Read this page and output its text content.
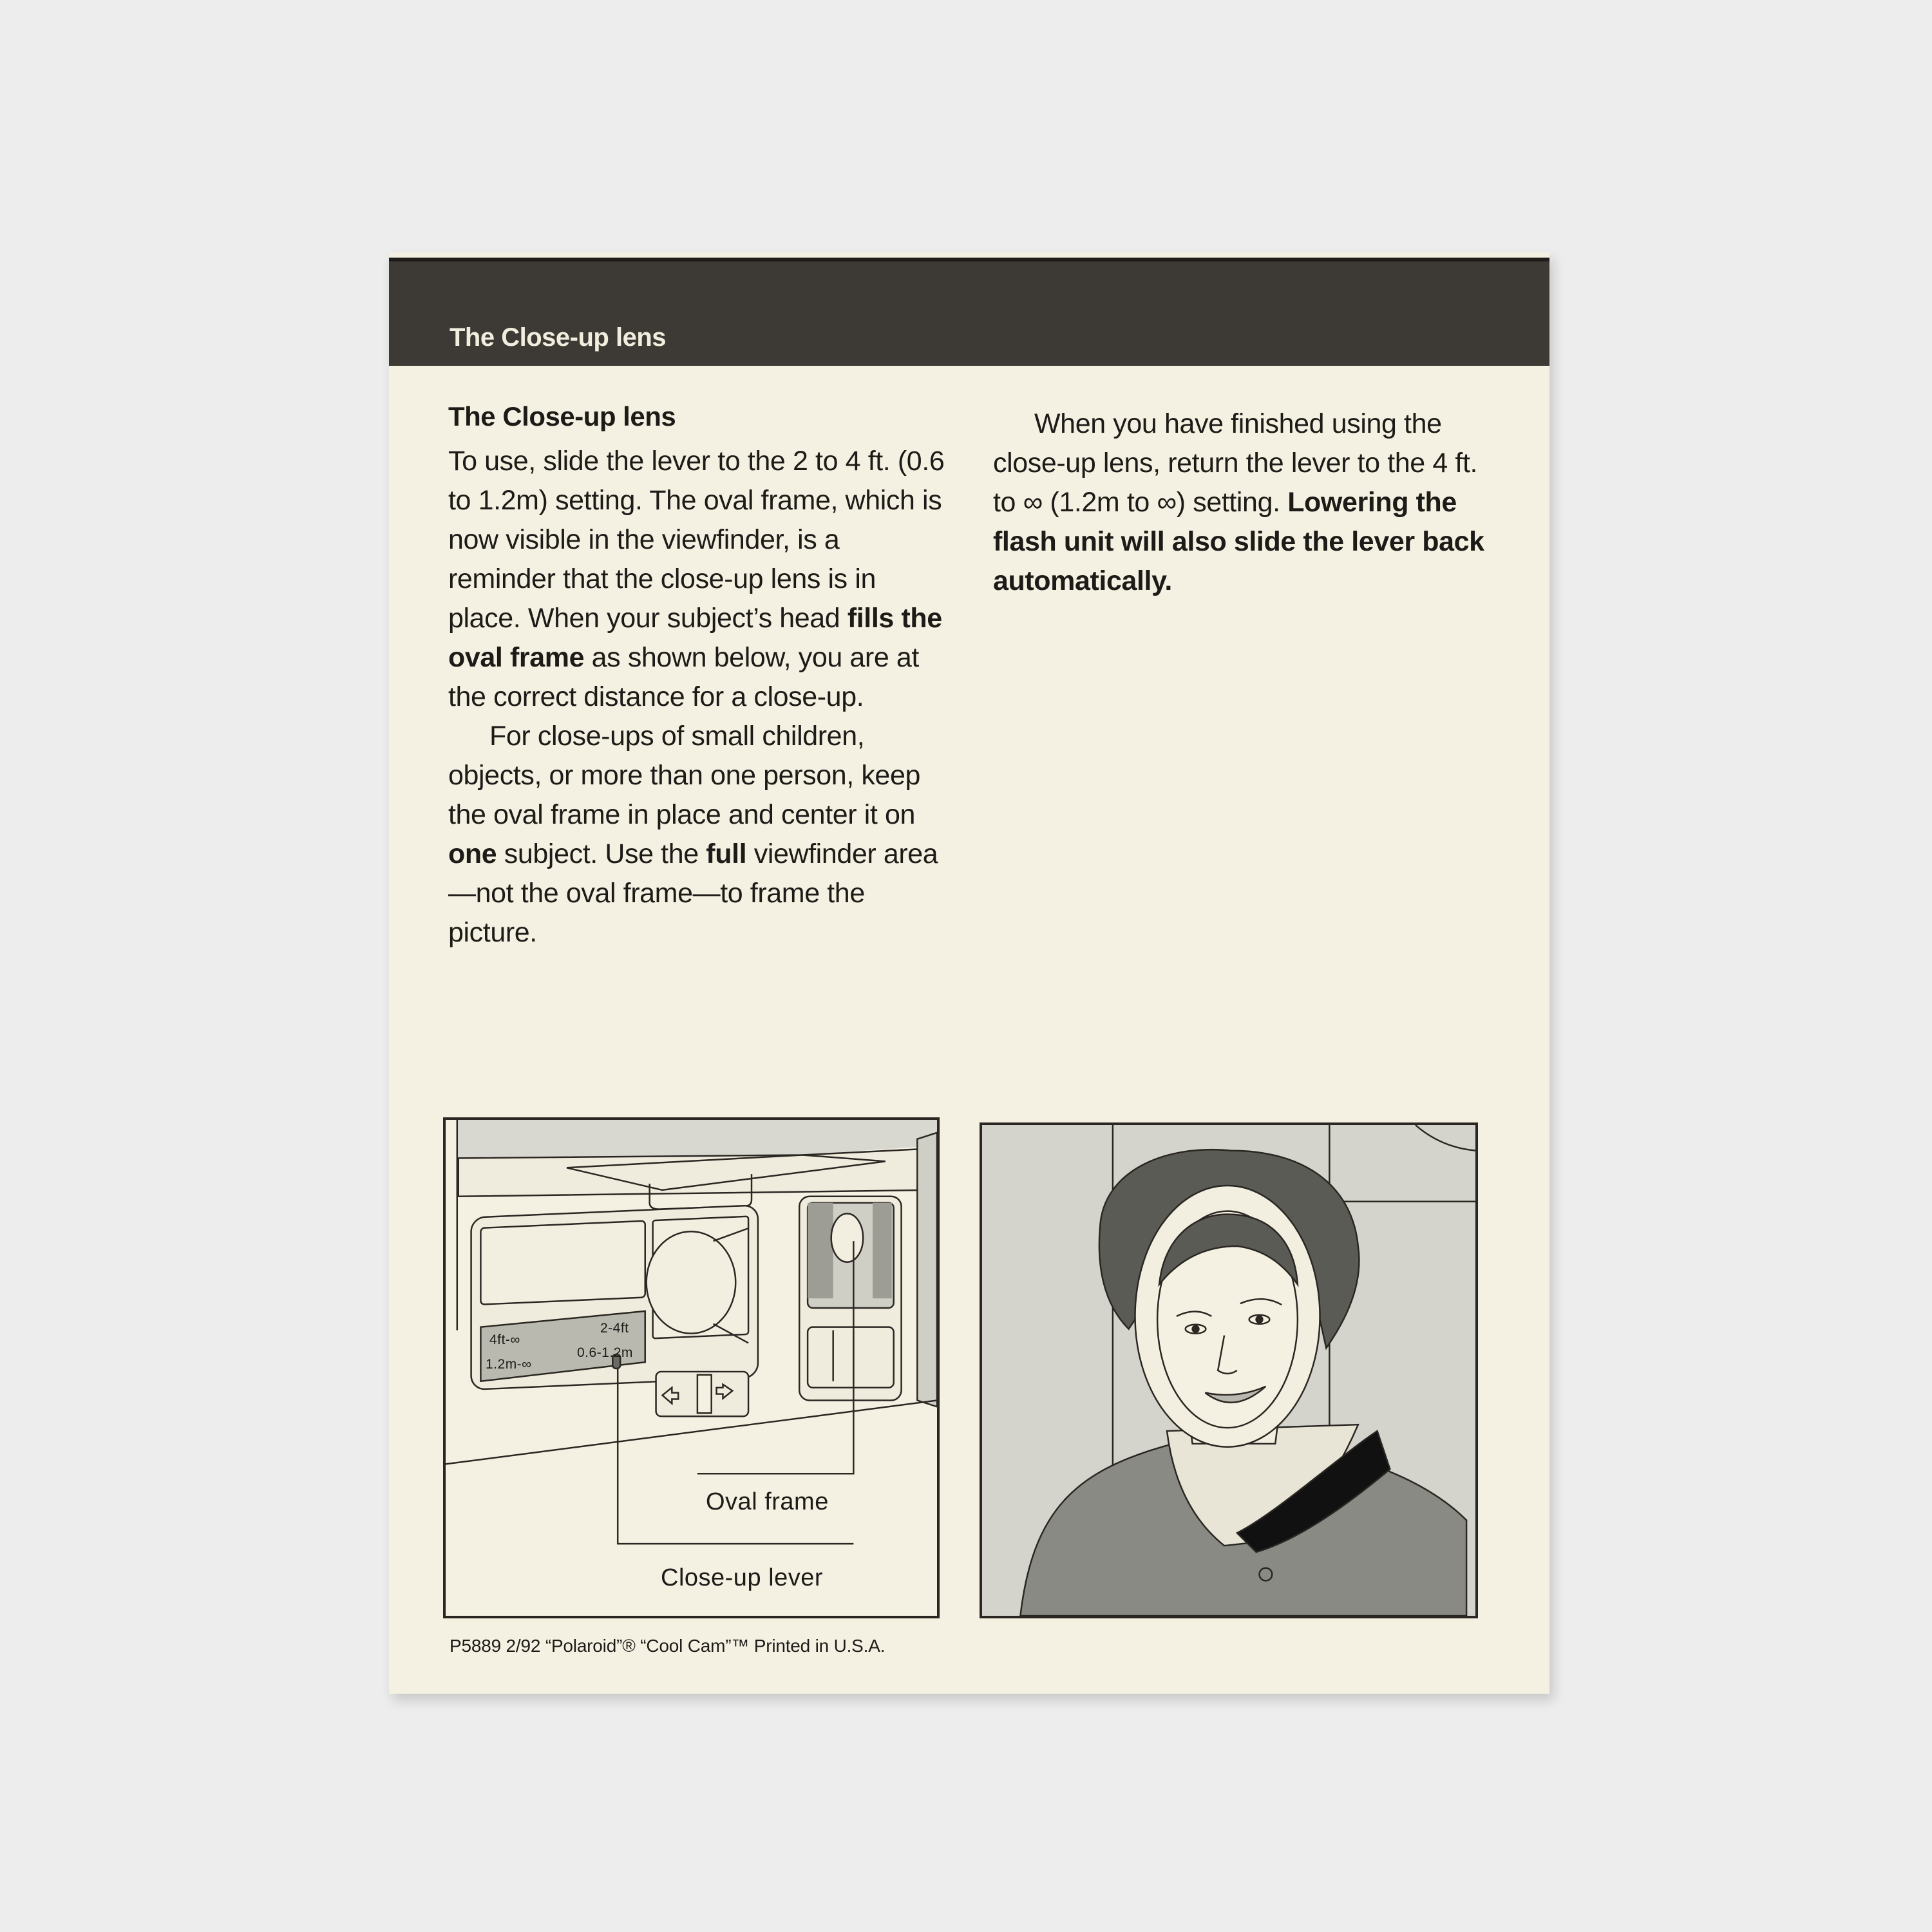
The Close-up lens
The Close-up lens

To use, slide the lever to the 2 to 4 ft. (0.6 to 1.2m) setting. The oval frame, which is now visible in the viewfinder, is a reminder that the close-up lens is in place. When your subject’s head fills the oval frame as shown below, you are at the correct distance for a close-up.

For close-ups of small children, objects, or more than one person, keep the oval frame in place and center it on one subject. Use the full viewfinder area—not the oval frame—to frame the picture.

When you have finished using the close-up lens, return the lever to the 4 ft. to ∞ (1.2m to ∞) setting. Lowering the flash unit will also slide the lever back automatically.

4ft-∞
1.2m-∞
2-4ft
0.6-1.2m
Oval frame
Close-up lever
P5889 2/92 “Polaroid”® “Cool Cam”™ Printed in U.S.A.
